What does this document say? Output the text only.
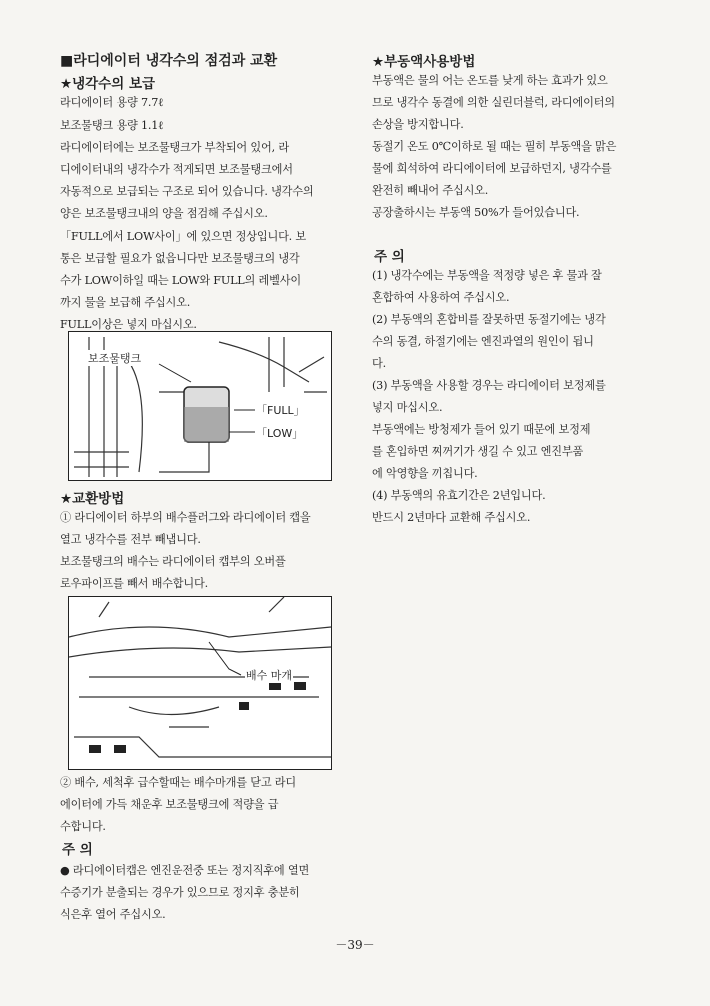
■라디에이터 냉각수의 점검과 교환
★냉각수의 보급
라디에이터 용량 7.7ℓ
보조물탱크 용량 1.1ℓ
라디에이터에는 보조물탱크가 부착되어 있어, 라
디에이터내의 냉각수가 적게되면 보조물탱크에서
자동적으로 보급되는 구조로 되어 있습니다. 냉각수의
양은 보조물탱크내의 양을 점검해 주십시오.
「FULL에서 LOW사이」에 있으면 정상입니다. 보
통은 보급할 필요가 없읍니다만 보조물탱크의 냉각
수가 LOW이하일 때는 LOW와 FULL의 레벨사이
까지 물을 보급해 주십시오.
FULL이상은 넣지 마십시오.
보조물탱크
「FULL」
「LOW」
★교환방법
① 라디에이터 하부의 배수플러그와 라디에이터 캡을
열고 냉각수를 전부 빼냅니다.
보조물탱크의 배수는 라디에이터 캡부의 오버플
로우파이프를 빼서 배수합니다.
배수 마개
② 배수, 세척후 급수할때는 배수마개를 닫고 라디
에이터에 가득 채운후 보조물탱크에 적량을 급
수합니다.
주 의
● 라디에이터캡은 엔진운전중 또는 정지직후에 열면
수증기가 분출되는 경우가 있으므로 정지후 충분히
식은후 열어 주십시오.
★부동액사용방법
부동액은 물의 어는 온도를 낮게 하는 효과가 있으
므로 냉각수 동결에 의한 실린더블럭, 라디에이터의
손상을 방지합니다.
동절기 온도 0℃이하로 될 때는 필히 부동액을 맑은
물에 희석하여 라디에이터에 보급하던지, 냉각수를
완전히 빼내어 주십시오.
공장출하시는 부동액 50%가 들어있습니다.
주 의
(1) 냉각수에는 부동액을 적정량 넣은 후 물과 잘
혼합하여 사용하여 주십시오.
(2) 부동액의 혼합비를 잘못하면 동절기에는 냉각
수의 동결, 하절기에는 엔진과열의 원인이 됩니
다.
(3) 부동액을 사용할 경우는 라디에이터 보정제를
넣지 마십시오.
부동액에는 방청제가 들어 있기 때문에 보정제
를 혼입하면 찌꺼기가 생길 수 있고 엔진부품
에 악영향을 끼칩니다.
(4) 부동액의 유효기간은 2년입니다.
반드시 2년마다 교환해 주십시오.
－39－
